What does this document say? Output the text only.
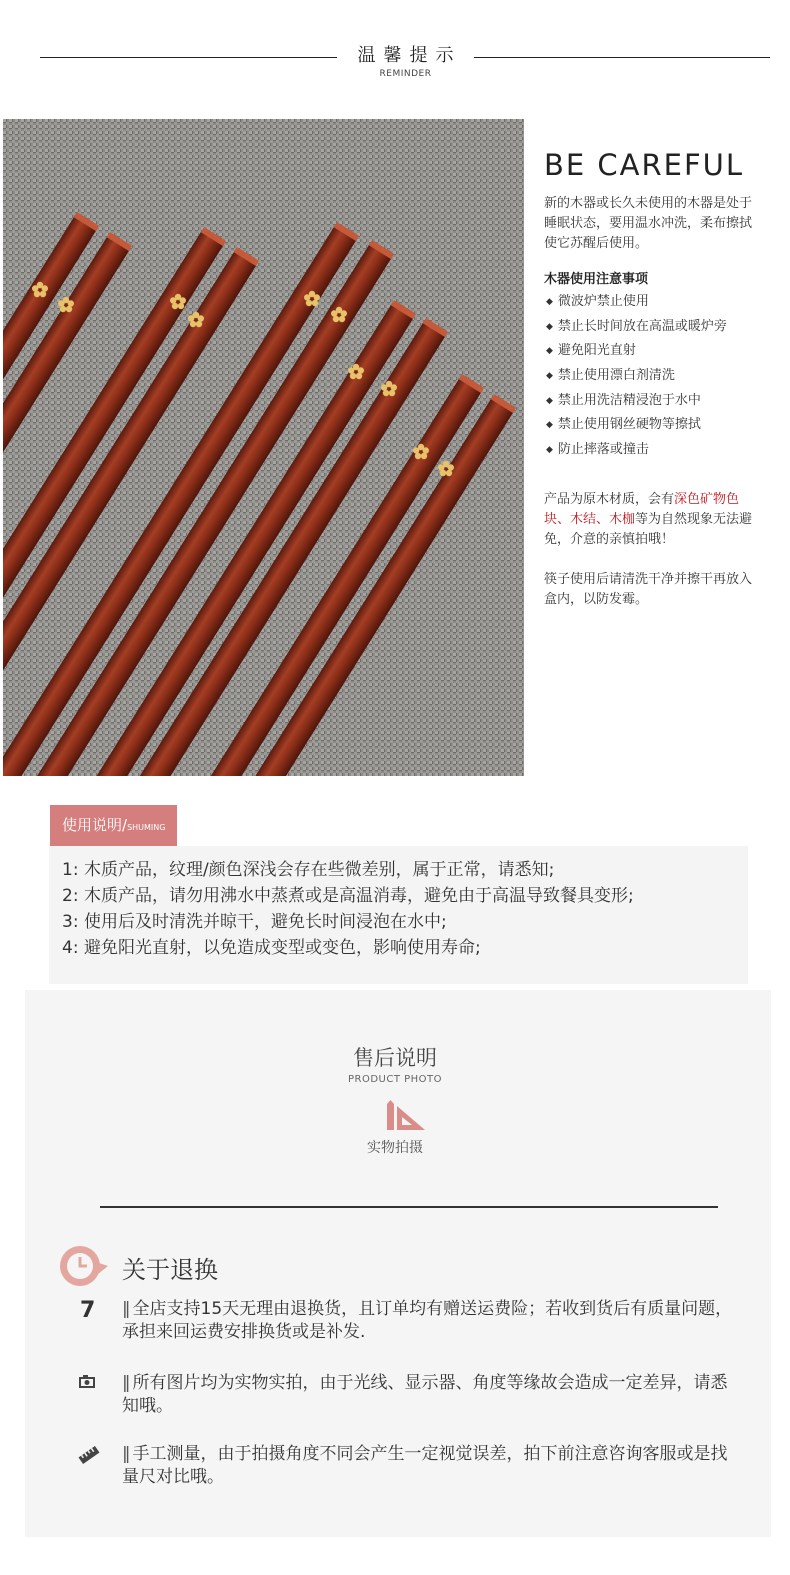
温馨提示
REMINDER
BE CAREFUL
新的木器或长久未使用的木器是处于睡眠状态，要用温水冲洗，柔布擦拭使它苏醒后使用。
木器使用注意事项
◆ 微波炉禁止使用
◆ 禁止长时间放在高温或暖炉旁
◆ 避免阳光直射
◆ 禁止使用漂白剂清洗
◆ 禁止用洗洁精浸泡于水中
◆ 禁止使用钢丝硬物等擦拭
◆ 防止摔落或撞击
产品为原木材质，会有深色矿物色块、木结、木枷等为自然现象无法避免，介意的亲慎拍哦！
筷子使用后请清洗干净并擦干再放入盒内，以防发霉。
使用说明/SHUMING
1: 木质产品，纹理/颜色深浅会存在些微差别，属于正常，请悉知;
2: 木质产品，请勿用沸水中蒸煮或是高温消毒，避免由于高温导致餐具变形;
3: 使用后及时清洗并晾干，避免长时间浸泡在水中;
4: 避免阳光直射，以免造成变型或变色，影响使用寿命;
售后说明
PRODUCT PHOTO
实物拍摄
关于退换
7 ‖ 全店支持15天无理由退换货，且订单均有赠送运费险；若收到货后有质量问题，承担来回运费安排换货或是补发.
‖ 所有图片均为实物实拍，由于光线、显示器、角度等缘故会造成一定差异，请悉知哦。
‖ 手工测量，由于拍摄角度不同会产生一定视觉误差，拍下前注意咨询客服或是找量尺对比哦。
